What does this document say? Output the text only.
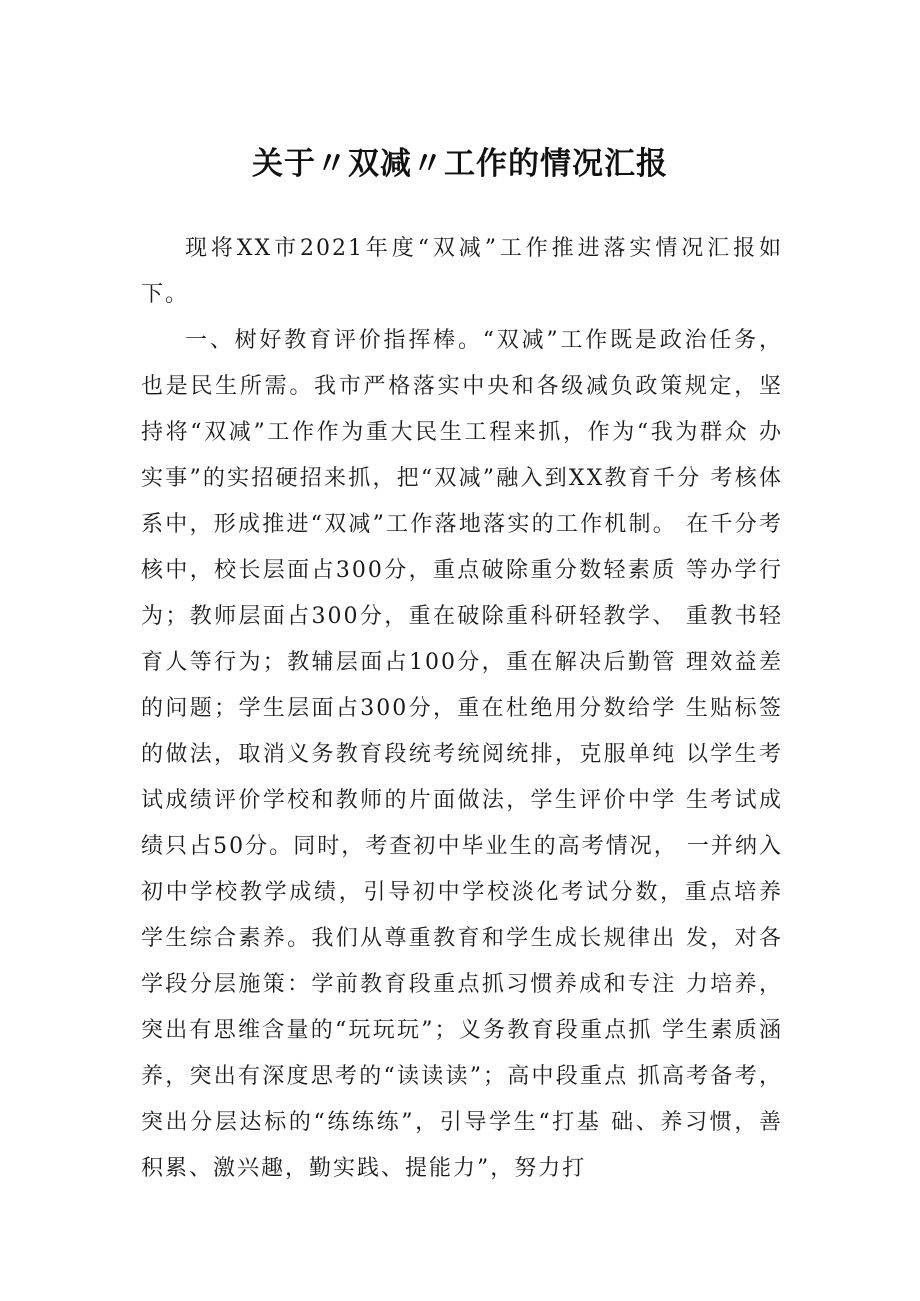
关于〃双减〃工作的情况汇报

现将XX市2021年度“双减”工作推进落实情况汇报如 下。

一、树好教育评价指挥棒。“双减”工作既是政治任务，也是民生所需。我市严格落实中央和各级减负政策规定，坚 持将“双减”工作作为重大民生工程来抓，作为“我为群众 办实事”的实招硬招来抓，把“双减”融入到XX教育千分 考核体系中，形成推进“双减”工作落地落实的工作机制。 在千分考核中，校长层面占300分，重点破除重分数轻素质 等办学行为；教师层面占300分，重在破除重科研轻教学、 重教书轻育人等行为；教辅层面占100分，重在解决后勤管 理效益差的问题；学生层面占300分，重在杜绝用分数给学 生贴标签的做法，取消义务教育段统考统阅统排，克服单纯 以学生考试成绩评价学校和教师的片面做法，学生评价中学 生考试成绩只占50分。同时，考查初中毕业生的高考情况， 一并纳入初中学校教学成绩，引导初中学校淡化考试分数，重点培养学生综合素养。我们从尊重教育和学生成长规律出 发，对各学段分层施策：学前教育段重点抓习惯养成和专注 力培养，突出有思维含量的“玩玩玩”；义务教育段重点抓 学生素质涵养，突出有深度思考的“读读读”；高中段重点 抓高考备考，突出分层达标的“练练练”，引导学生“打基 础、养习惯，善积累、激兴趣，勤实践、提能力”，努力打
